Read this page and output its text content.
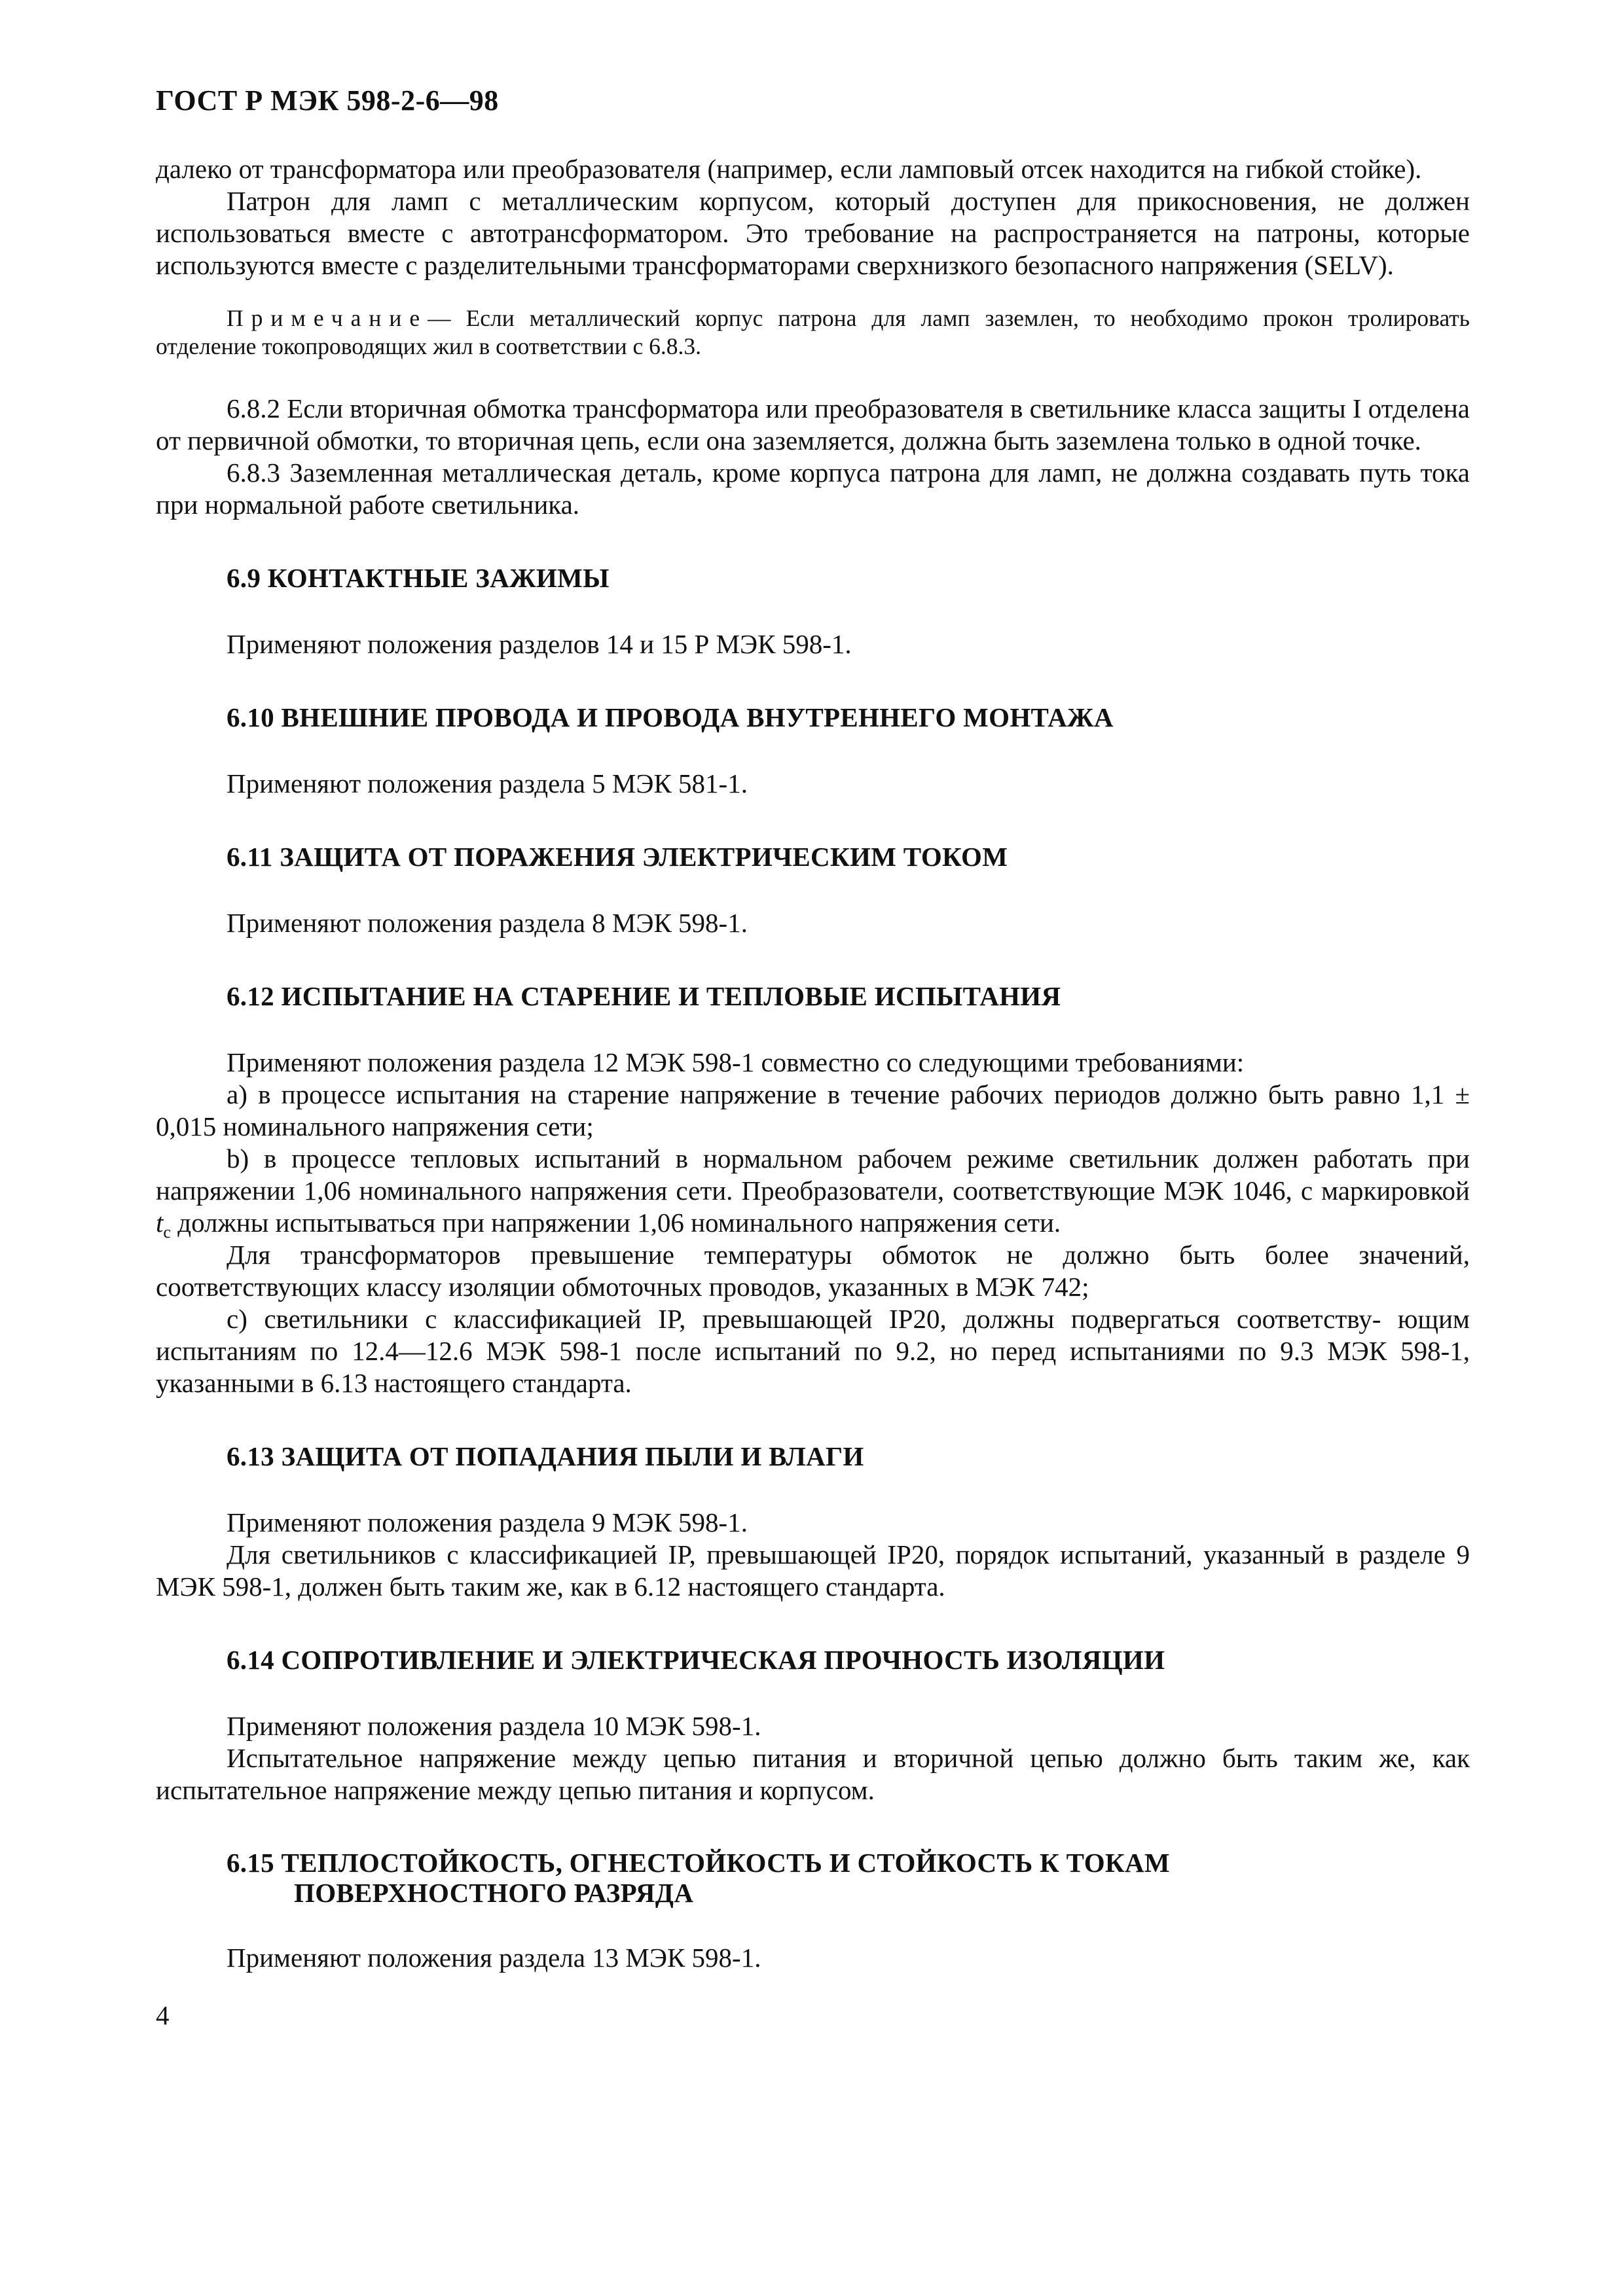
ГОСТ Р МЭК 598-2-6—98

далеко от трансформатора или преобразователя (например, если ламповый отсек находится на гибкой стойке).

Патрон для ламп с металлическим корпусом, который доступен для прикосновения, не должен использоваться вместе с автотрансформатором. Это требование на распространяется на патроны, которые используются вместе с разделительными трансформаторами сверхнизкого безопасного напряжения (SELV).

Примечание— Если металлический корпус патрона для ламп заземлен, то необходимо прокон тролировать отделение токопроводящих жил в соответствии с 6.8.3.

6.8.2 Если вторичная обмотка трансформатора или преобразователя в светильнике класса защиты I отделена от первичной обмотки, то вторичная цепь, если она заземляется, должна быть заземлена только в одной точке.

6.8.3 Заземленная металлическая деталь, кроме корпуса патрона для ламп, не должна создавать путь тока при нормальной работе светильника.

6.9 КОНТАКТНЫЕ ЗАЖИМЫ

Применяют положения разделов 14 и 15 Р МЭК 598-1.

6.10 ВНЕШНИЕ ПРОВОДА И ПРОВОДА ВНУТРЕННЕГО МОНТАЖА

Применяют положения раздела 5 МЭК 581-1.

6.11 ЗАЩИТА ОТ ПОРАЖЕНИЯ ЭЛЕКТРИЧЕСКИМ ТОКОМ

Применяют положения раздела 8 МЭК 598-1.

6.12 ИСПЫТАНИЕ НА СТАРЕНИЕ И ТЕПЛОВЫЕ ИСПЫТАНИЯ

Применяют положения раздела 12 МЭК 598-1 совместно со следующими требованиями:

а) в процессе испытания на старение напряжение в течение рабочих периодов должно быть равно 1,1 ± 0,015 номинального напряжения сети;

b) в процессе тепловых испытаний в нормальном рабочем режиме светильник должен работать при напряжении 1,06 номинального напряжения сети. Преобразователи, соответствующие МЭК 1046, с маркировкой $t_c$ должны испытываться при напряжении 1,06 номинального напряжения сети.

Для трансформаторов превышение температуры обмоток не должно быть более значений, соответствующих классу изоляции обмоточных проводов, указанных в МЭК 742;

с) светильники с классификацией IP, превышающей IP20, должны подвергаться соответству- ющим испытаниям по 12.4—12.6 МЭК 598-1 после испытаний по 9.2, но перед испытаниями по 9.3 МЭК 598-1, указанными в 6.13 настоящего стандарта.

6.13 ЗАЩИТА ОТ ПОПАДАНИЯ ПЫЛИ И ВЛАГИ

Применяют положения раздела 9 МЭК 598-1.

Для светильников с классификацией IP, превышающей IP20, порядок испытаний, указанный в разделе 9 МЭК 598-1, должен быть таким же, как в 6.12 настоящего стандарта.

6.14 СОПРОТИВЛЕНИЕ И ЭЛЕКТРИЧЕСКАЯ ПРОЧНОСТЬ ИЗОЛЯЦИИ

Применяют положения раздела 10 МЭК 598-1.

Испытательное напряжение между цепью питания и вторичной цепью должно быть таким же, как испытательное напряжение между цепью питания и корпусом.

6.15 ТЕПЛОСТОЙКОСТЬ, ОГНЕСТОЙКОСТЬ И СТОЙКОСТЬ К ТОКАМ
ПОВЕРХНОСТНОГО РАЗРЯДА

Применяют положения раздела 13 МЭК 598-1.

4
